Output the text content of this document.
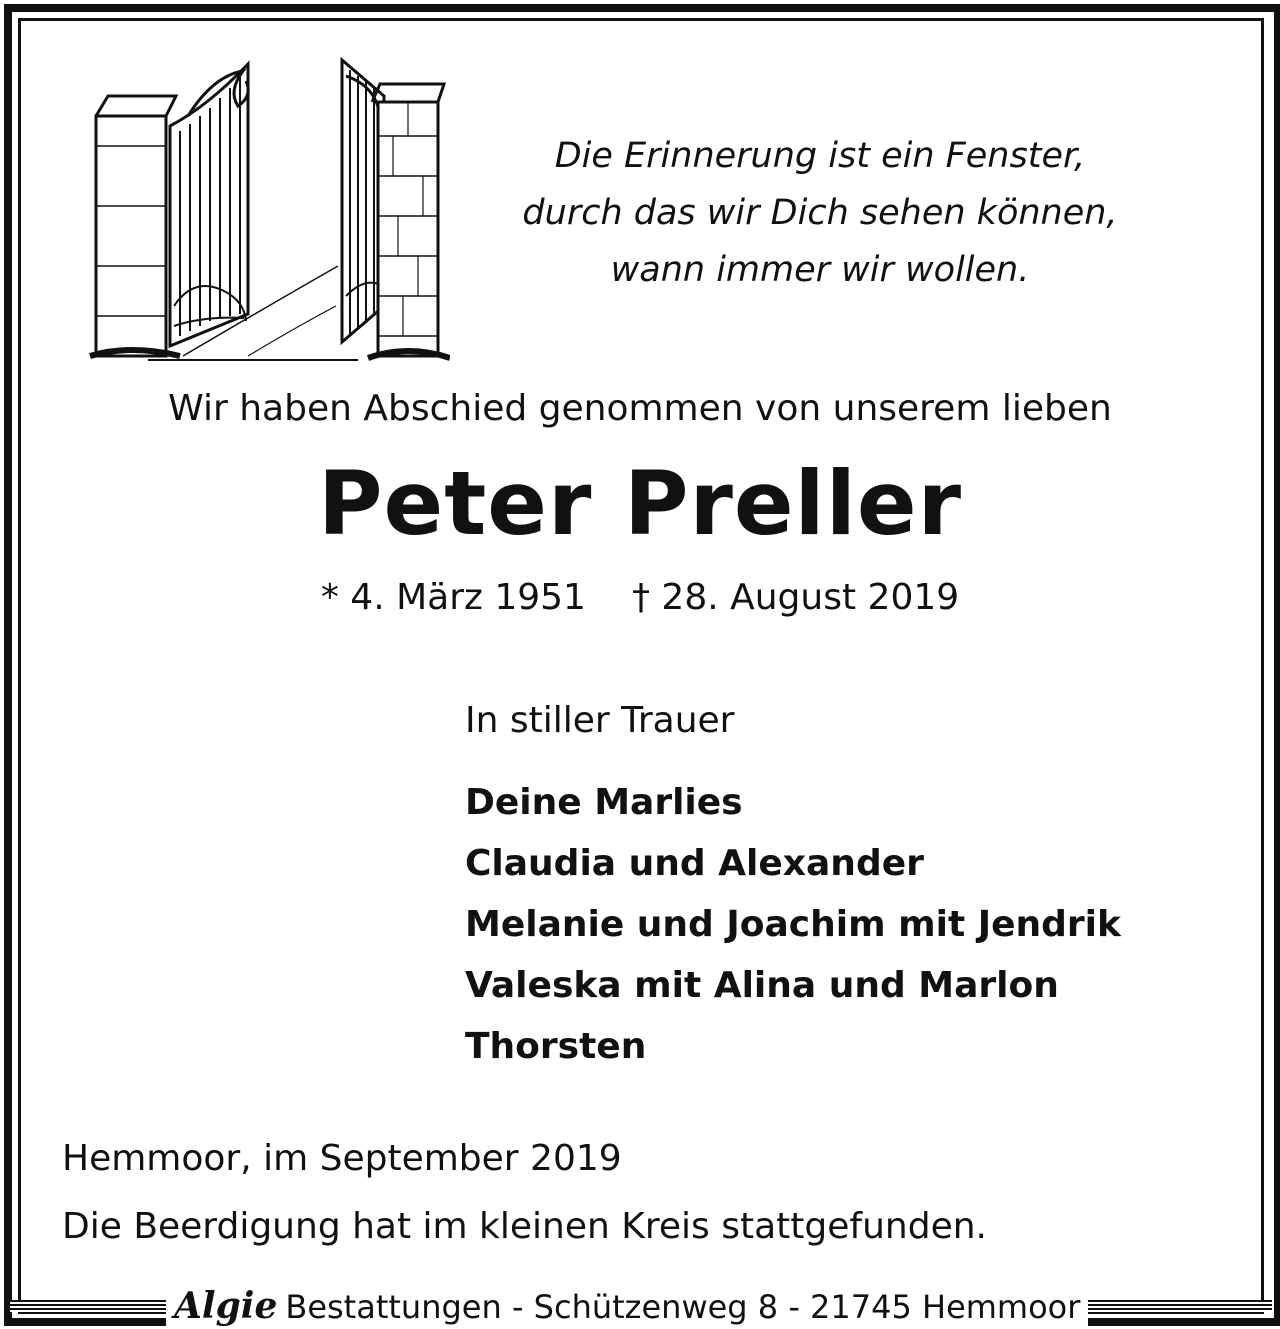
Die Erinnerung ist ein Fenster,
durch das wir Dich sehen können,
wann immer wir wollen.
Wir haben Abschied genommen von unserem lieben
Peter Preller
* 4. März 1951 † 28. August 2019
In stiller Trauer
Deine Marlies
Claudia und Alexander
Melanie und Joachim mit Jendrik
Valeska mit Alina und Marlon
Thorsten
Hemmoor, im September 2019
Die Beerdigung hat im kleinen Kreis stattgefunden.
Algie Bestattungen - Schützenweg 8 - 21745 Hemmoor
